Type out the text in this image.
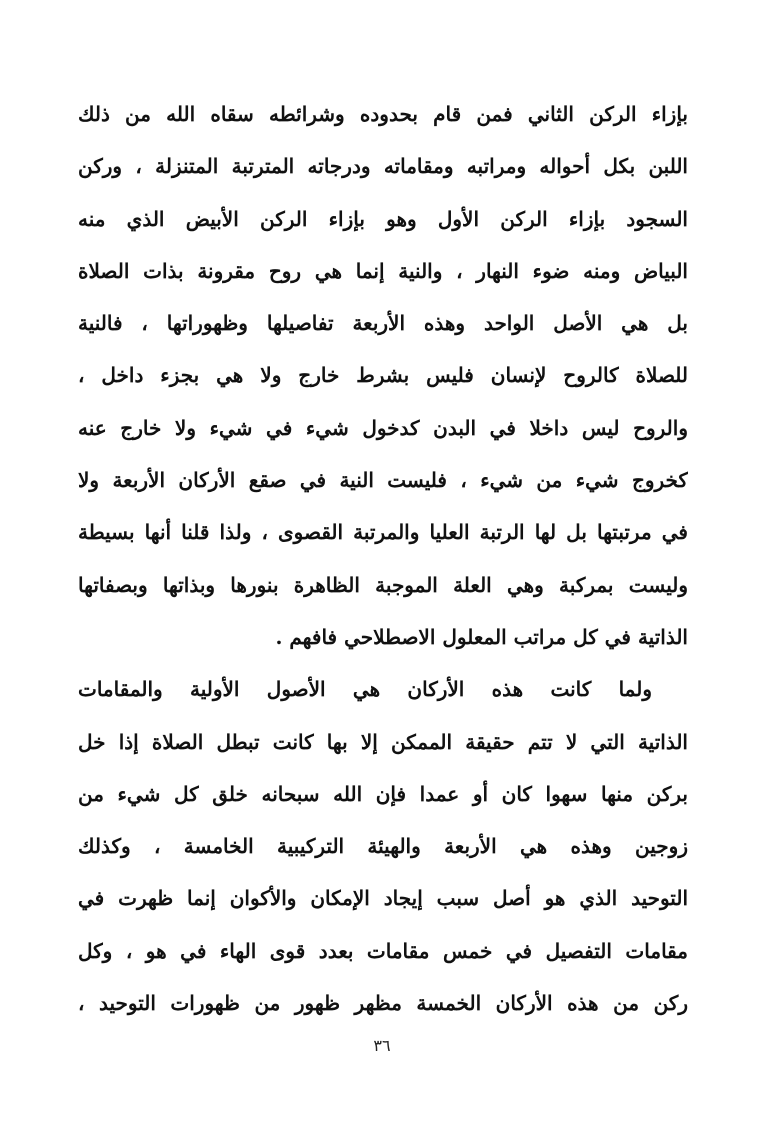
بإزاء الركن الثاني فمن قام بحدوده وشرائطه سقاه الله من ذلك
اللبن بكل أحواله ومراتبه ومقاماته ودرجاته المترتبة المتنزلة ، وركن
السجود بإزاء الركن الأول وهو بإزاء الركن الأبيض الذي منه
البياض ومنه ضوء النهار ، والنية إنما هي روح مقرونة بذات الصلاة
بل هي الأصل الواحد وهذه الأربعة تفاصيلها وظهوراتها ، فالنية
للصلاة كالروح لإنسان فليس بشرط خارج ولا هي بجزء داخل ،
والروح ليس داخلا في البدن كدخول شيء في شيء ولا خارج عنه
كخروج شيء من شيء ، فليست النية في صقع الأركان الأربعة ولا
في مرتبتها بل لها الرتبة العليا والمرتبة القصوى ، ولذا قلنا أنها بسيطة
وليست بمركبة وهي العلة الموجبة الظاهرة بنورها وبذاتها وبصفاتها
الذاتية في كل مراتب المعلول الاصطلاحي فافهم .
ولما كانت هذه الأركان هي الأصول الأولية والمقامات
الذاتية التي لا تتم حقيقة الممكن إلا بها كانت تبطل الصلاة إذا خل
بركن منها سهوا كان أو عمدا فإن الله سبحانه خلق كل شيء من
زوجين وهذه هي الأربعة والهيئة التركيبية الخامسة ، وكذلك
التوحيد الذي هو أصل سبب إيجاد الإمكان والأكوان إنما ظهرت في
مقامات التفصيل في خمس مقامات بعدد قوى الهاء في هو ، وكل
ركن من هذه الأركان الخمسة مظهر ظهور من ظهورات التوحيد ،
٣٦
